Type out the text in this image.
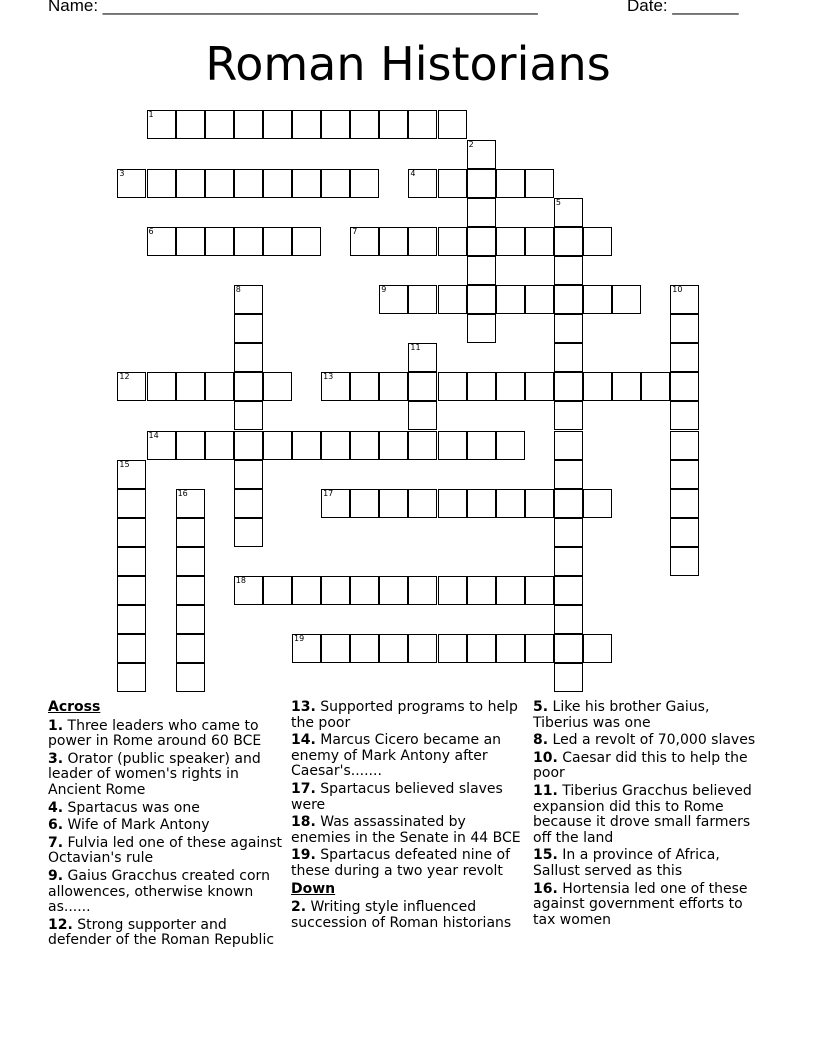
Name: ______________________________________________	Date: _______
Roman Historians
1
2
3	4
5
6	7
8	9	10
11
12	13
14
15
16	17
18
19
Across
1. Three leaders who came to power in Rome around 60 BCE
3. Orator (public speaker) and leader of women's rights in Ancient Rome
4. Spartacus was one
6. Wife of Mark Antony
7. Fulvia led one of these against Octavian's rule
9. Gaius Gracchus created corn allowences, otherwise known as......
12. Strong supporter and defender of the Roman Republic
13. Supported programs to help the poor
14. Marcus Cicero became an enemy of Mark Antony after Caesar's.......
17. Spartacus believed slaves were
18. Was assassinated by enemies in the Senate in 44 BCE
19. Spartacus defeated nine of these during a two year revolt
Down
2. Writing style influenced succession of Roman historians
5. Like his brother Gaius, Tiberius was one
8. Led a revolt of 70,000 slaves
10. Caesar did this to help the poor
11. Tiberius Gracchus believed expansion did this to Rome because it drove small farmers off the land
15. In a province of Africa, Sallust served as this
16. Hortensia led one of these against government efforts to tax women
